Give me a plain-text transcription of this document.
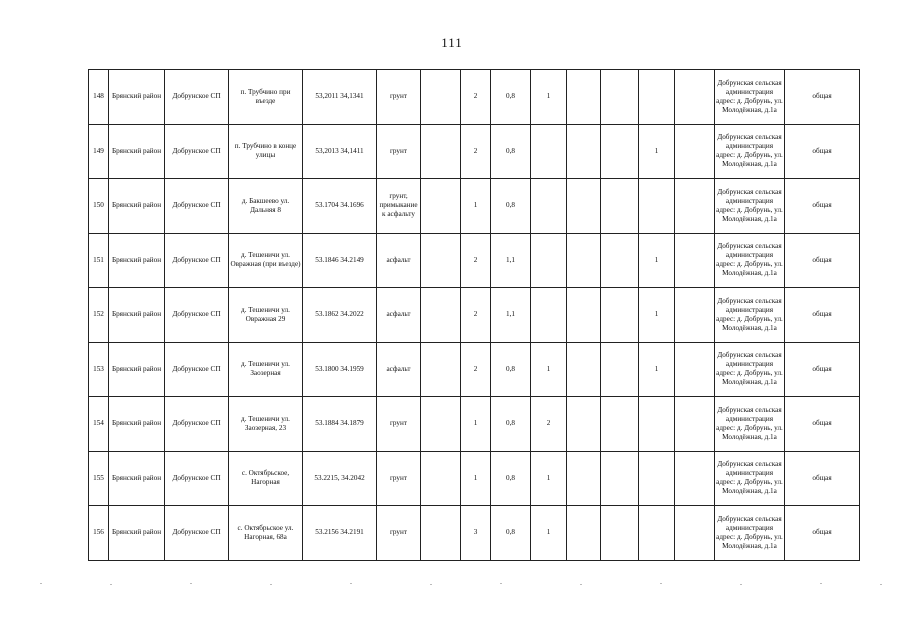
111
148	Брянский район	Добрунское СП	п. Трубчино при въезде	53,2011 34,1341	грунт		2	0,8	1					Добрунская сельская администрация адрес: д. Добрунь, ул. Молодёжная, д.1а	общая
149	Брянский район	Добрунское СП	п. Трубчино в конце улицы	53,2013 34,1411	грунт		2	0,8				1		Добрунская сельская администрация адрес: д. Добрунь, ул. Молодёжная, д.1а	общая
150	Брянский район	Добрунское СП	д. Бакшеево ул. Дальняя 8	53.1704 34.1696	грунт, примыкание к асфальту		1	0,8						Добрунская сельская администрация адрес: д. Добрунь, ул. Молодёжная, д.1а	общая
151	Брянский район	Добрунское СП	д. Тешеничи ул. Овражная (при въезде)	53.1846 34.2149	асфальт		2	1,1				1		Добрунская сельская администрация адрес: д. Добрунь, ул. Молодёжная, д.1а	общая
152	Брянский район	Добрунское СП	д. Тешеничи ул. Овражная 29	53.1862 34.2022	асфальт		2	1,1				1		Добрунская сельская администрация адрес: д. Добрунь, ул. Молодёжная, д.1а	общая
153	Брянский район	Добрунское СП	д. Тешеничи ул. Заозерная	53.1800 34.1959	асфальт		2	0,8	1			1		Добрунская сельская администрация адрес: д. Добрунь, ул. Молодёжная, д.1а	общая
154	Брянский район	Добрунское СП	д. Тешеничи ул. Заозерная, 23	53.1884 34.1879	грунт		1	0,8	2					Добрунская сельская администрация адрес: д. Добрунь, ул. Молодёжная, д.1а	общая
155	Брянский район	Добрунское СП	с. Октябрьское, Нагорная	53.2215, 34.2042	грунт		1	0,8	1					Добрунская сельская администрация адрес: д. Добрунь, ул. Молодёжная, д.1а	общая
156	Брянский район	Добрунское СП	с. Октябрьское ул. Нагорная, 68а	53.2156 34.2191	грунт		3	0,8	1					Добрунская сельская администрация адрес: д. Добрунь, ул. Молодёжная, д.1а	общая
